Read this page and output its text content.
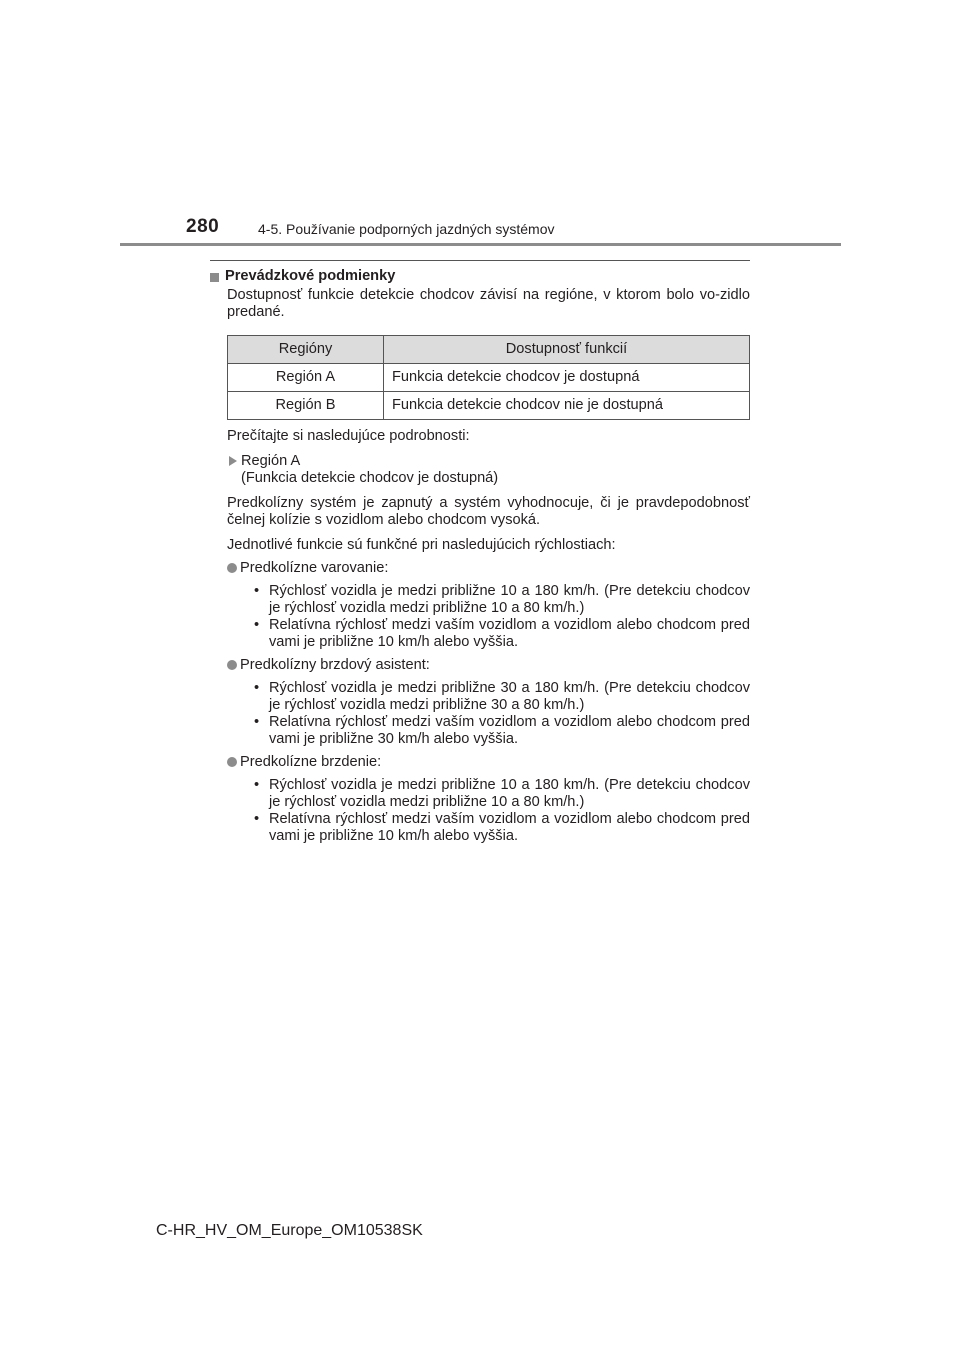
280	4-5. Používanie podporných jazdných systémov
Prevádzkové podmienky

Dostupnosť funkcie detekcie chodcov závisí na regióne, v ktorom bolo vo-zidlo predané.

Regióny	Dostupnosť funkcií
Región A	Funkcia detekcie chodcov je dostupná
Región B	Funkcia detekcie chodcov nie je dostupná

Prečítajte si nasledujúce podrobnosti:

Región A
(Funkcia detekcie chodcov je dostupná)

Predkolízny systém je zapnutý a systém vyhodnocuje, či je pravdepodobnosť čelnej kolízie s vozidlom alebo chodcom vysoká.

Jednotlivé funkcie sú funkčné pri nasledujúcich rýchlostiach:

Predkolízne varovanie:
• Rýchlosť vozidla je medzi približne 10 a 180 km/h. (Pre detekciu chodcov je rýchlosť vozidla medzi približne 10 a 80 km/h.)
• Relatívna rýchlosť medzi vaším vozidlom a vozidlom alebo chodcom pred vami je približne 10 km/h alebo vyššia.
Predkolízny brzdový asistent:
• Rýchlosť vozidla je medzi približne 30 a 180 km/h. (Pre detekciu chodcov je rýchlosť vozidla medzi približne 30 a 80 km/h.)
• Relatívna rýchlosť medzi vaším vozidlom a vozidlom alebo chodcom pred vami je približne 30 km/h alebo vyššia.
Predkolízne brzdenie:
• Rýchlosť vozidla je medzi približne 10 a 180 km/h. (Pre detekciu chodcov je rýchlosť vozidla medzi približne 10 a 80 km/h.)
• Relatívna rýchlosť medzi vaším vozidlom a vozidlom alebo chodcom pred vami je približne 10 km/h alebo vyššia.
C-HR_HV_OM_Europe_OM10538SK
